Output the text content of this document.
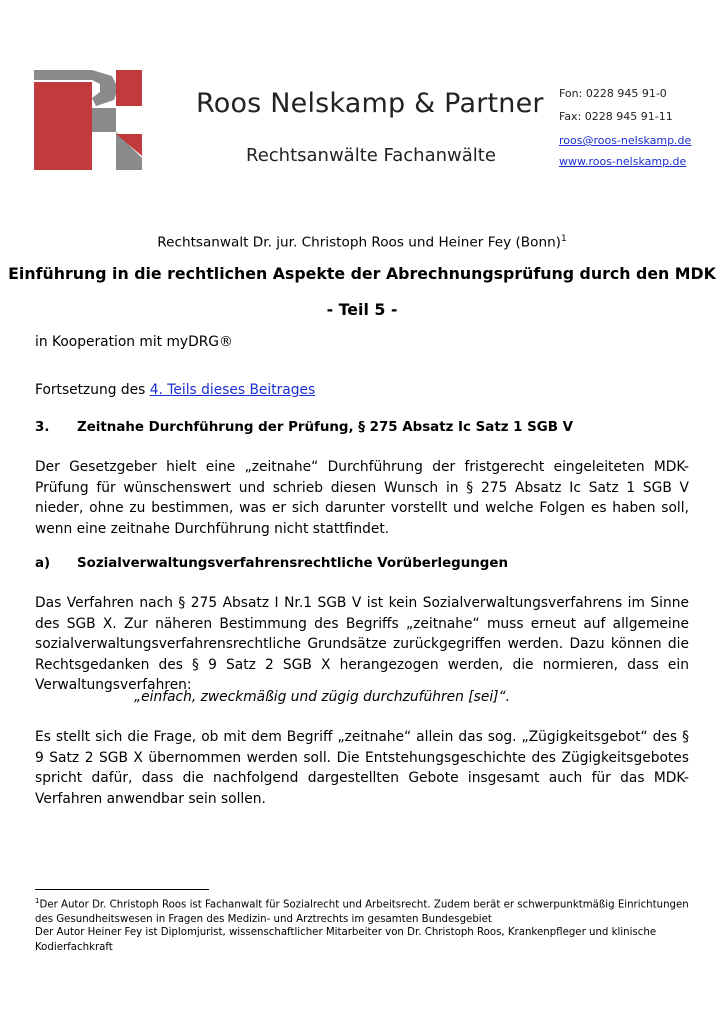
Roos Nelskamp & Partner
Rechtsanwälte Fachanwälte
Fon: 0228 945 91-0
Fax: 0228 945 91-11
roos@roos-nelskamp.de
www.roos-nelskamp.de
Rechtsanwalt Dr. jur. Christoph Roos und Heiner Fey (Bonn)$^1$
Einführung in die rechtlichen Aspekte der Abrechnungsprüfung durch den MDK
- Teil 5 -
in Kooperation mit myDRG®
Fortsetzung des 4. Teils dieses Beitrages
3. Zeitnahe Durchführung der Prüfung, § 275 Absatz Ic Satz 1 SGB V
Der Gesetzgeber hielt eine „zeitnahe“ Durchführung der fristgerecht eingeleiteten MDK-Prüfung für wünschenswert und schrieb diesen Wunsch in § 275 Absatz Ic Satz 1 SGB V nieder, ohne zu bestimmen, was er sich darunter vorstellt und welche Folgen es haben soll, wenn eine zeitnahe Durchführung nicht stattfindet.
a) Sozialverwaltungsverfahrensrechtliche Vorüberlegungen
Das Verfahren nach § 275 Absatz I Nr.1 SGB V ist kein Sozialverwaltungsverfahrens im Sinne des SGB X. Zur näheren Bestimmung des Begriffs „zeitnahe“ muss erneut auf allgemeine sozialverwaltungsverfahrensrechtliche Grundsätze zurückgegriffen werden. Dazu können die Rechtsgedanken des § 9 Satz 2 SGB X herangezogen werden, die normieren, dass ein Verwaltungsverfahren:
„einfach, zweckmäßig und zügig durchzuführen [sei]“.
Es stellt sich die Frage, ob mit dem Begriff „zeitnahe“ allein das sog. „Zügigkeitsgebot“ des § 9 Satz 2 SGB X übernommen werden soll. Die Entstehungsgeschichte des Zügigkeitsgebotes spricht dafür, dass die nachfolgend dargestellten Gebote insgesamt auch für das MDK-Verfahren anwendbar sein sollen.
$^1$Der Autor Dr. Christoph Roos ist Fachanwalt für Sozialrecht und Arbeitsrecht. Zudem berät er schwerpunktmäßig Einrichtungen des Gesundheitswesen in Fragen des Medizin- und Arztrechts im gesamten Bundesgebiet
Der Autor Heiner Fey ist Diplomjurist, wissenschaftlicher Mitarbeiter von Dr. Christoph Roos, Krankenpfleger und klinische Kodierfachkraft
